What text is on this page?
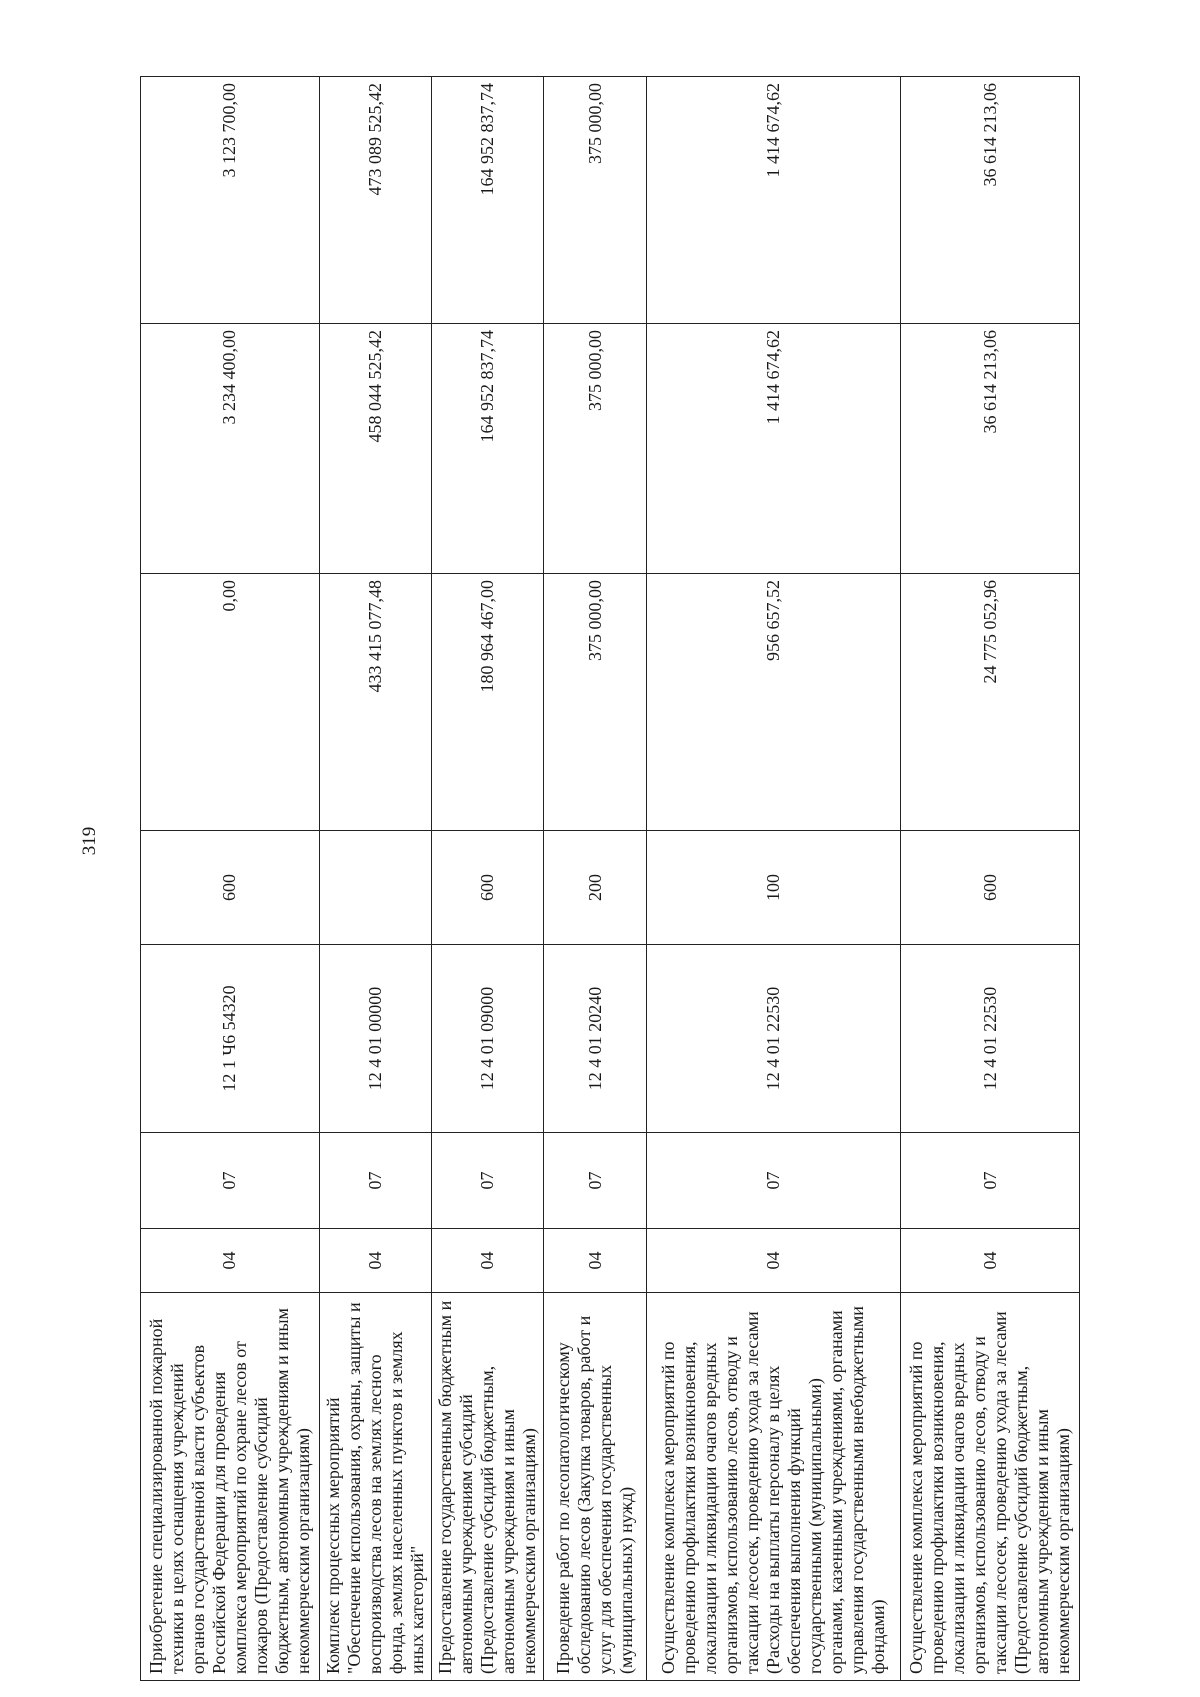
319
Приобретение специализированной пожарной техники в целях оснащения учреждений органов государственной власти субъектов Российской Федерации для проведения комплекса мероприятий по охране лесов от пожаров (Предоставление субсидий бюджетным, автономным учреждениям и иным некоммерческим организациям)	04	07	12 1 Ч6 54320	600	0,00	3 234 400,00	3 123 700,00
Комплекс процессных мероприятий "Обеспечение использования, охраны, защиты и воспроизводства лесов на землях лесного фонда, землях населенных пунктов и землях иных категорий"	04	07	12 4 01 00000		433 415 077,48	458 044 525,42	473 089 525,42
Предоставление государственным бюджетным и автономным учреждениям субсидий (Предоставление субсидий бюджетным, автономным учреждениям и иным некоммерческим организациям)	04	07	12 4 01 09000	600	180 964 467,00	164 952 837,74	164 952 837,74
Проведение работ по лесопатологическому обследованию лесов (Закупка товаров, работ и услуг для обеспечения государственных (муниципальных) нужд)	04	07	12 4 01 20240	200	375 000,00	375 000,00	375 000,00
Осуществление комплекса мероприятий по проведению профилактики возникновения, локализации и ликвидации очагов вредных организмов, использованию лесов, отводу и таксации лесосек, проведению ухода за лесами (Расходы на выплаты персоналу в целях обеспечения выполнения функций государственными (муниципальными) органами, казенными учреждениями, органами управления государственными внебюджетными фондами)	04	07	12 4 01 22530	100	956 657,52	1 414 674,62	1 414 674,62
Осуществление комплекса мероприятий по проведению профилактики возникновения, локализации и ликвидации очагов вредных организмов, использованию лесов, отводу и таксации лесосек, проведению ухода за лесами (Предоставление субсидий бюджетным, автономным учреждениям и иным некоммерческим организациям)	04	07	12 4 01 22530	600	24 775 052,96	36 614 213,06	36 614 213,06
